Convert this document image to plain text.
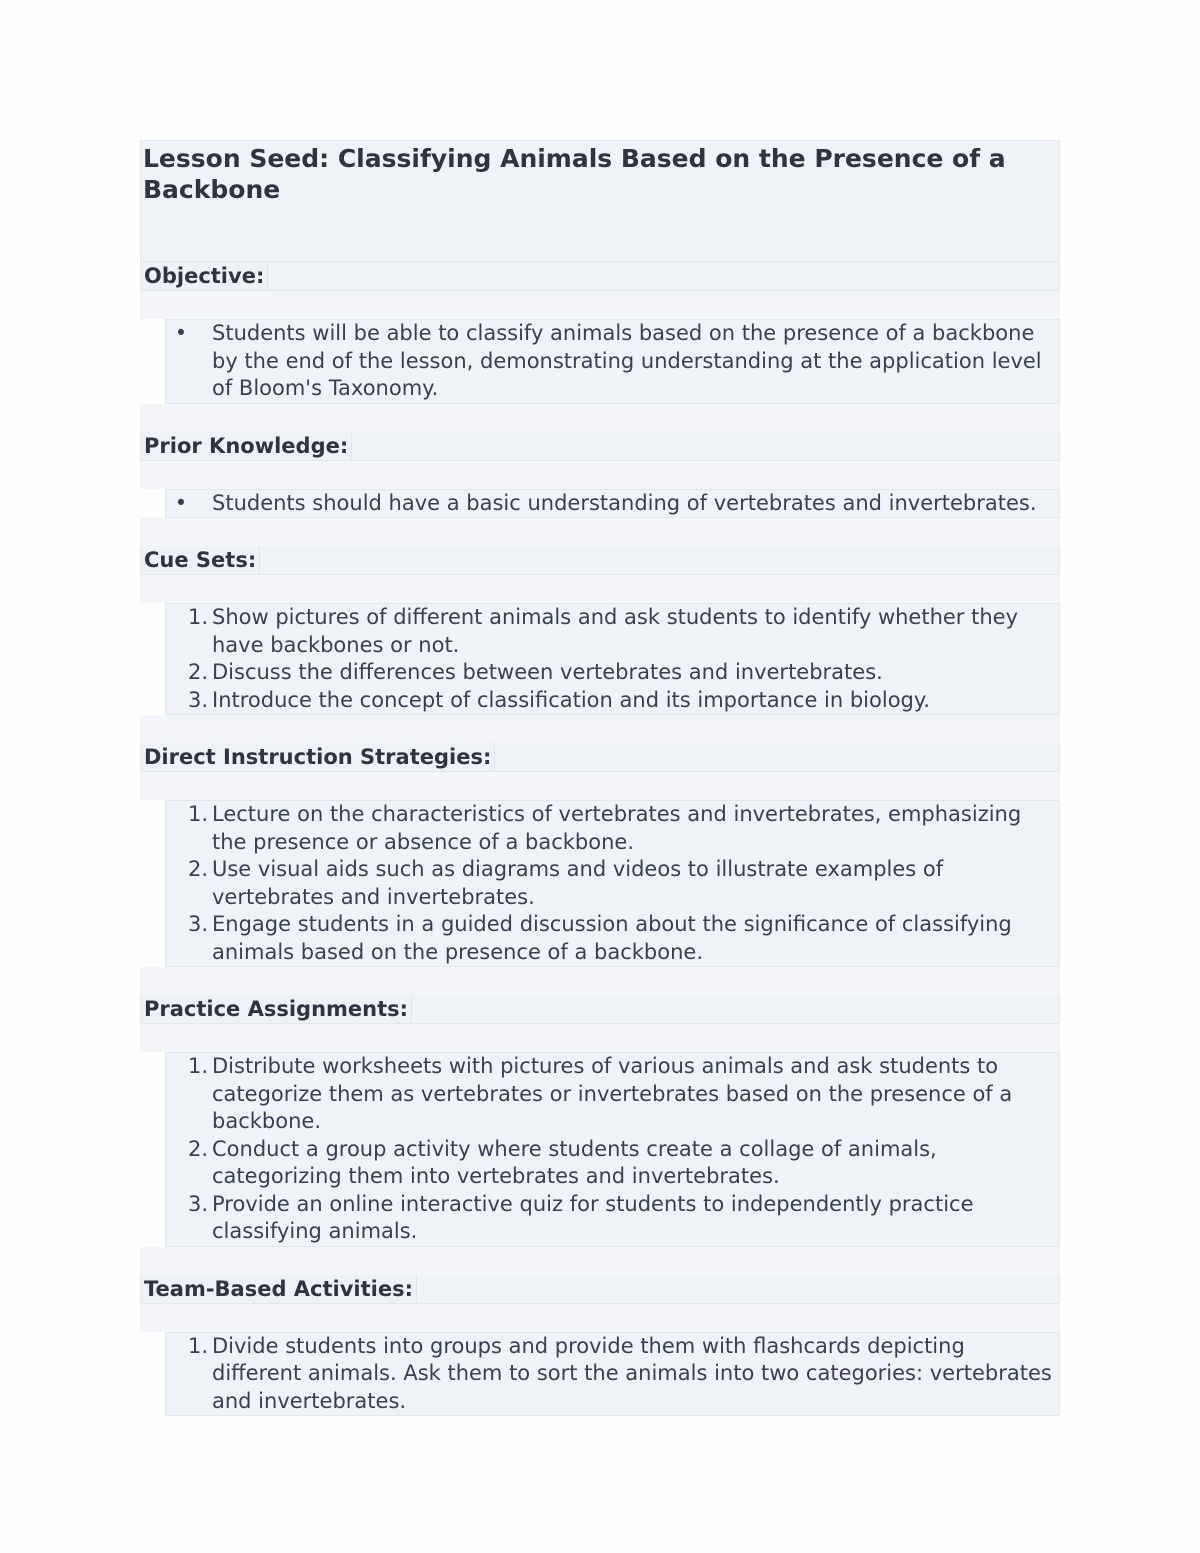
Lesson Seed: Classifying Animals Based on the Presence of a Backbone
Objective:
•	Students will be able to classify animals based on the presence of a backbone by the end of the lesson, demonstrating understanding at the application level of Bloom's Taxonomy.
Prior Knowledge:
•	Students should have a basic understanding of vertebrates and invertebrates.
Cue Sets:
1. Show pictures of different animals and ask students to identify whether they have backbones or not.
2. Discuss the differences between vertebrates and invertebrates.
3. Introduce the concept of classification and its importance in biology.
Direct Instruction Strategies:
1. Lecture on the characteristics of vertebrates and invertebrates, emphasizing the presence or absence of a backbone.
2. Use visual aids such as diagrams and videos to illustrate examples of vertebrates and invertebrates.
3. Engage students in a guided discussion about the significance of classifying animals based on the presence of a backbone.
Practice Assignments:
1. Distribute worksheets with pictures of various animals and ask students to categorize them as vertebrates or invertebrates based on the presence of a backbone.
2. Conduct a group activity where students create a collage of animals, categorizing them into vertebrates and invertebrates.
3. Provide an online interactive quiz for students to independently practice classifying animals.
Team-Based Activities:
1. Divide students into groups and provide them with flashcards depicting different animals. Ask them to sort the animals into two categories: vertebrates and invertebrates.
